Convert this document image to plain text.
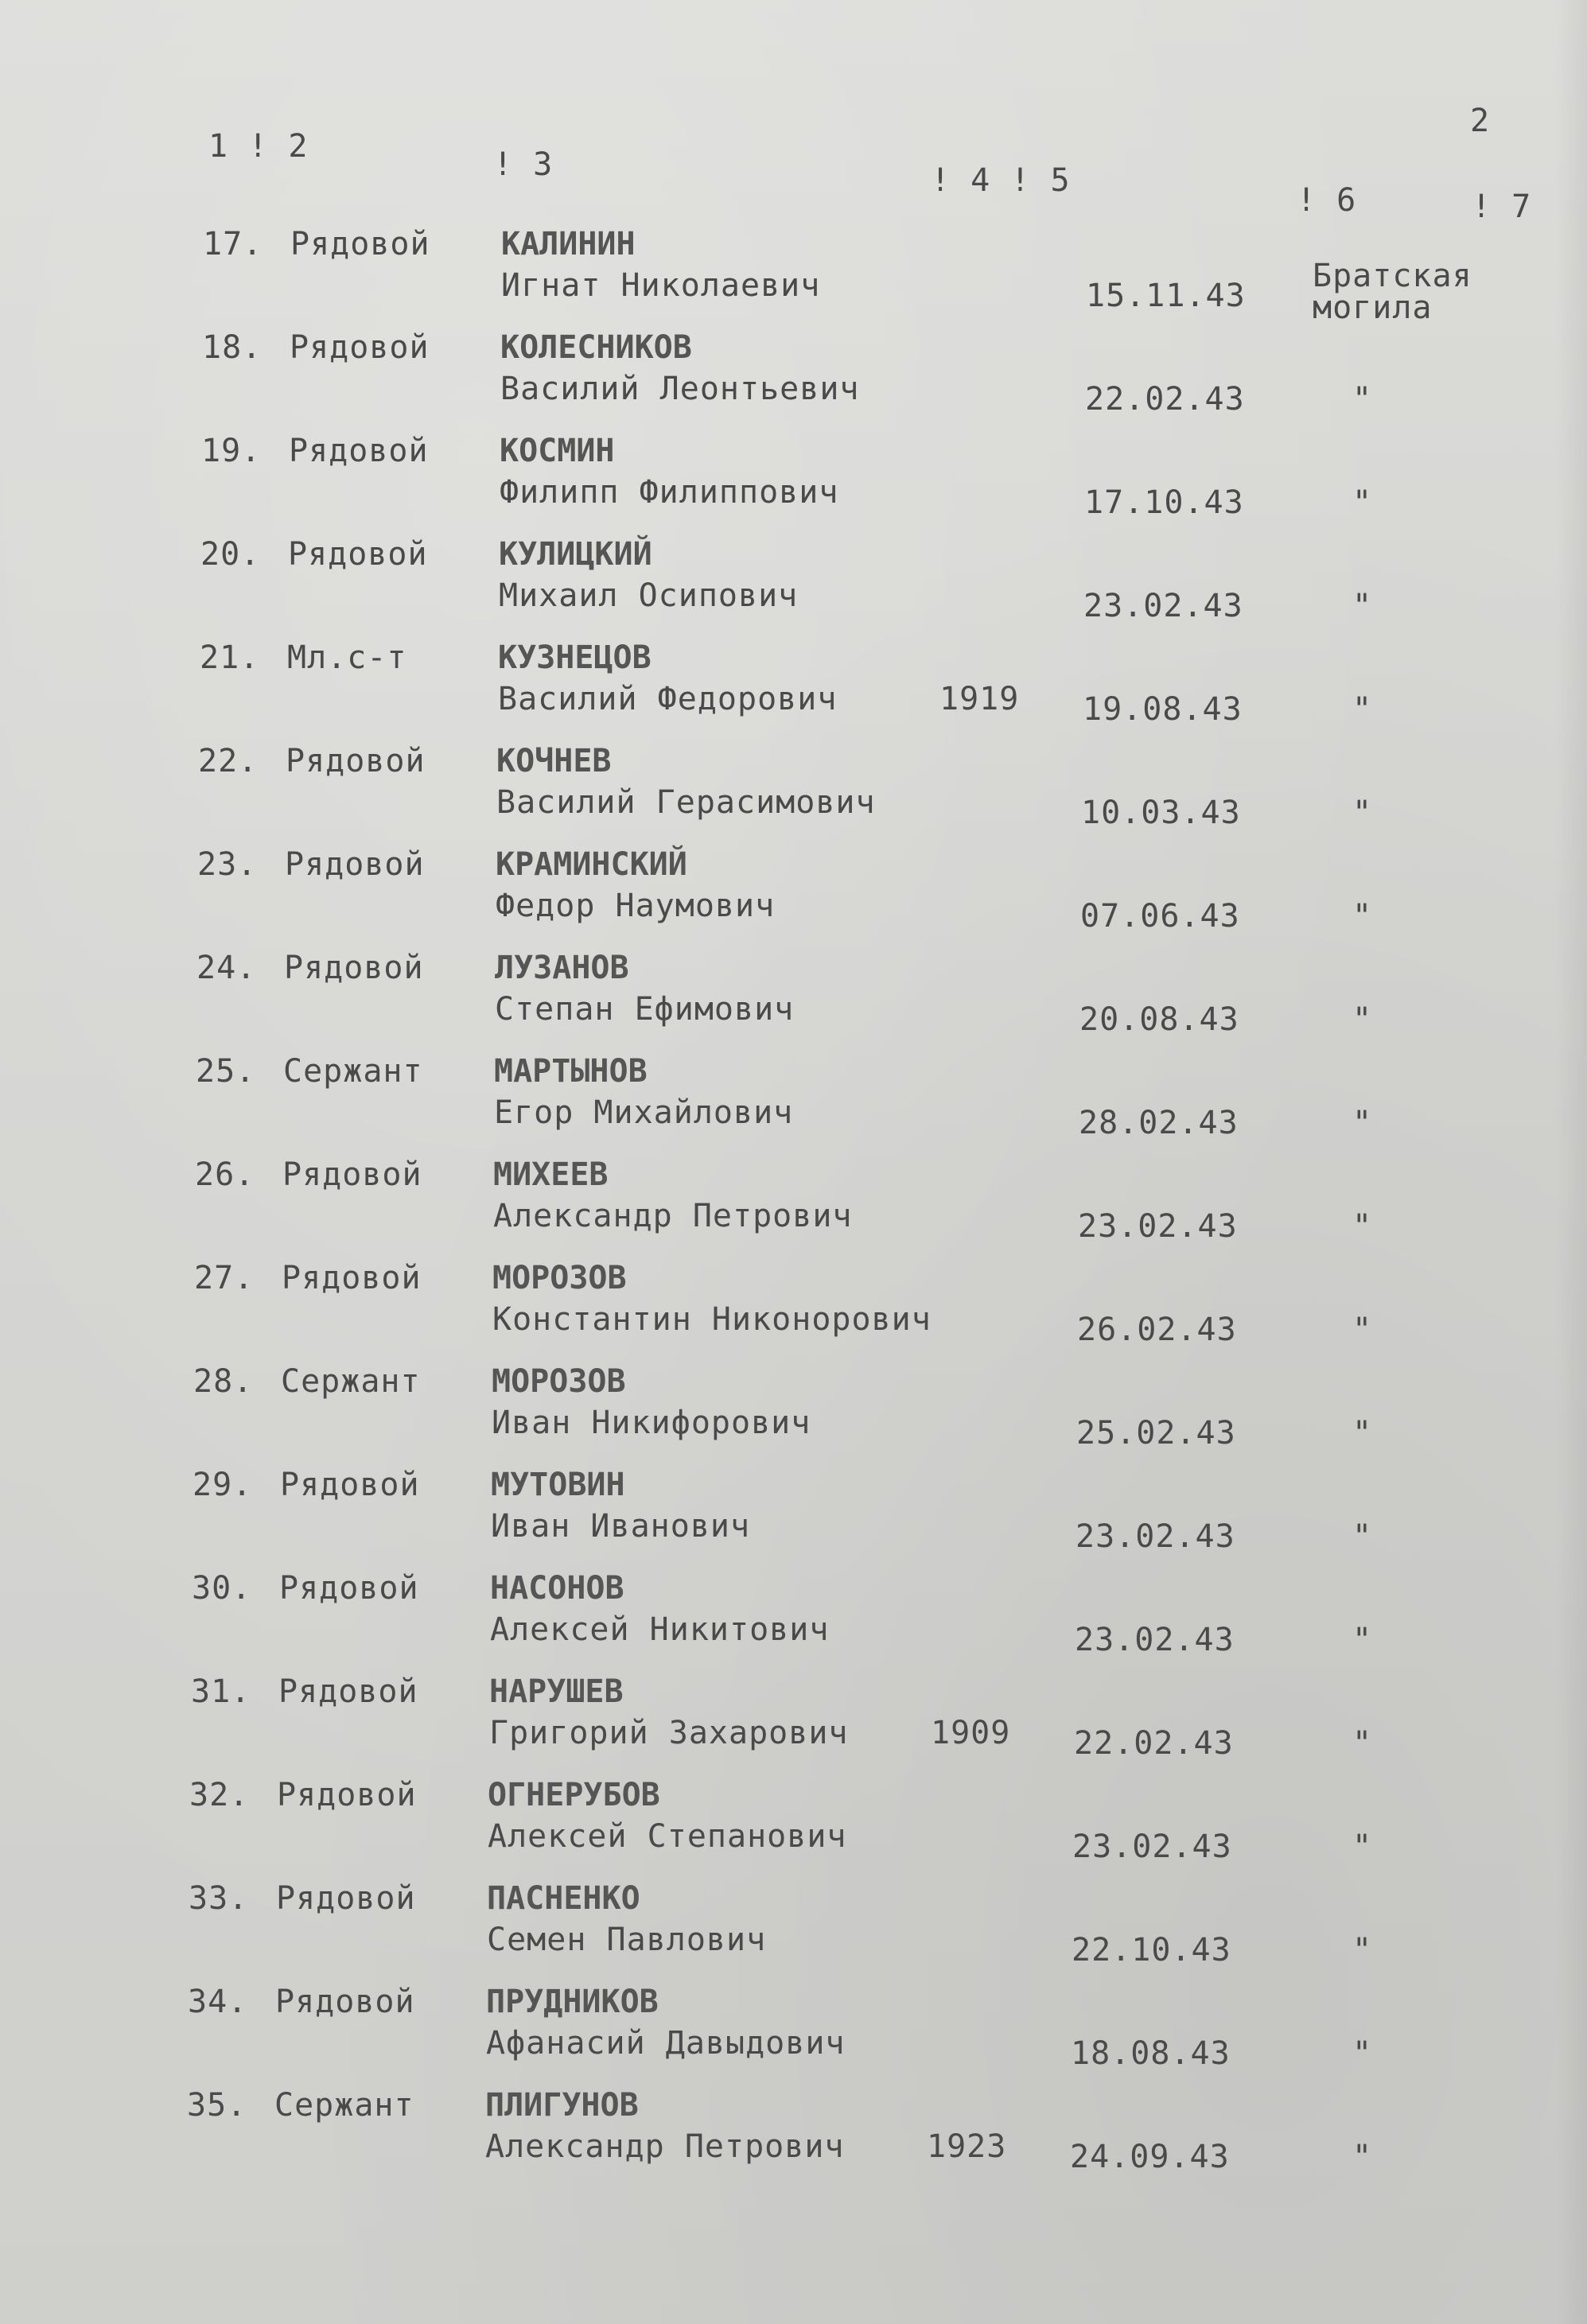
2
1 ! 2	! 3	! 4 ! 5
! 6	! 7
17. Рядовой КАЛИНИН
Игнат Николаевич	15.11.43
Братская могила
18. Рядовой КОЛЕСНИКОВ
Василий Леонтьевич	22.02.43	"
19. Рядовой КОСМИН
Филипп Филиппович	17.10.43	"
20. Рядовой КУЛИЦКИЙ
Михаил Осипович	23.02.43	"
21. Мл.с-т	КУЗНЕЦОВ
Василий Федорович	1919 19.08.43	"
22. Рядовой КОЧНЕВ
Василий Герасимович	10.03.43	"
23. Рядовой КРАМИНСКИЙ
Федор Наумович	07.06.43	"
24. Рядовой ЛУЗАНОВ
Степан Ефимович	20.08.43	"
25. Сержант МАРТЫНОВ
Егор Михайлович	28.02.43	"
26. Рядовой МИХЕЕВ
Александр Петрович	23.02.43	"
27. Рядовой МОРОЗОВ
Константин Никонорович	26.02.43	"
28. Сержант МОРОЗОВ
Иван Никифорович	25.02.43	"
29. Рядовой МУТОВИН
Иван Иванович	23.02.43	"
30. Рядовой НАСОНОВ
Алексей Никитович	23.02.43	"
31. Рядовой НАРУШЕВ
Григорий Захарович	1909 22.02.43	"
32. Рядовой ОГНЕРУБОВ
Алексей Степанович	23.02.43	"
33. Рядовой ПАСНЕНКО
Семен Павлович	22.10.43	"
34. Рядовой ПРУДНИКОВ
Афанасий Давыдович	18.08.43	"
35. Сержант ПЛИГУНОВ
Александр Петрович	1923 24.09.43	"
